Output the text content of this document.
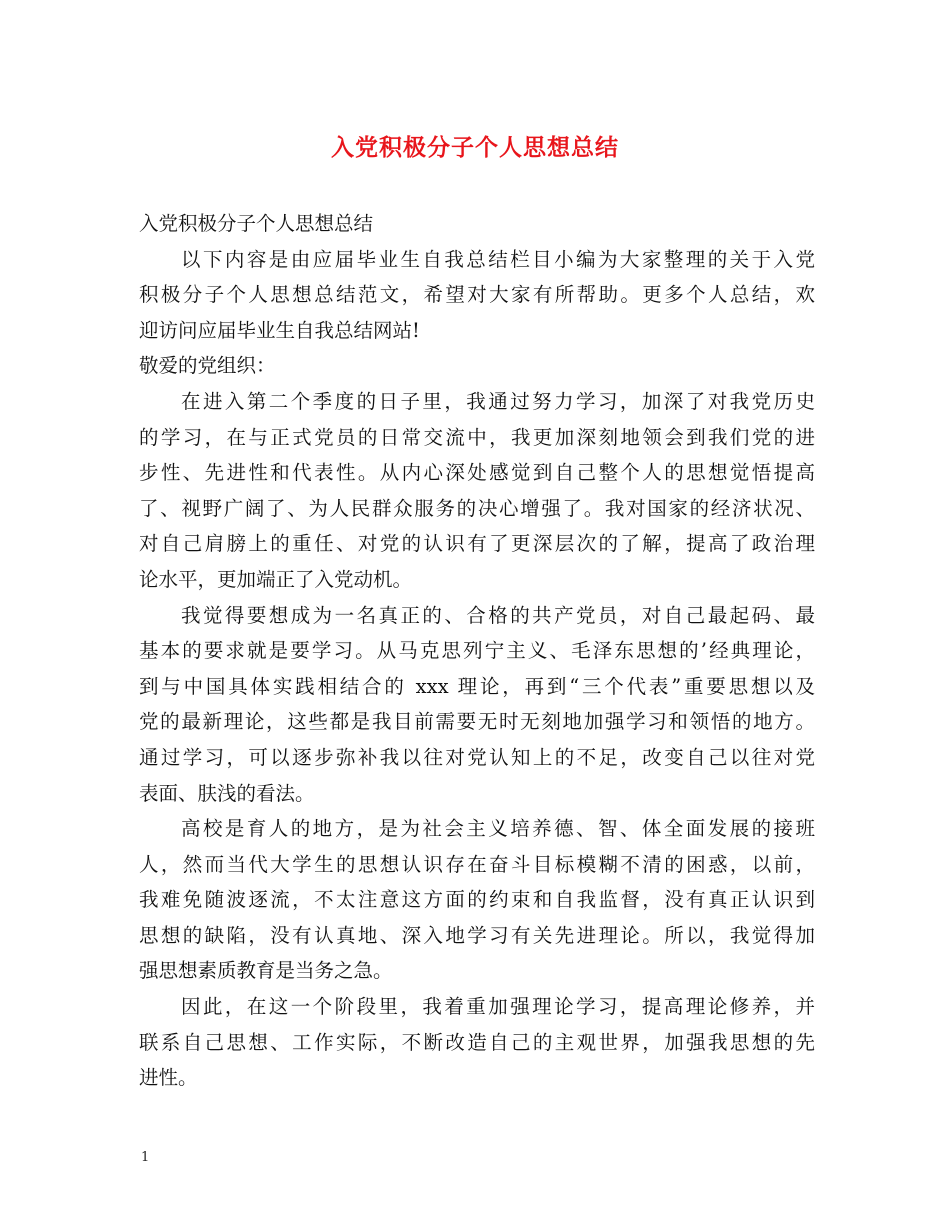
入党积极分子个人思想总结
入党积极分子个人思想总结
以下内容是由应届毕业生自我总结栏目小编为大家整理的关于入党
积极分子个人思想总结范文，希望对大家有所帮助。更多个人总结，欢
迎访问应届毕业生自我总结网站!
敬爱的党组织：
在进入第二个季度的日子里，我通过努力学习，加深了对我党历史
的学习，在与正式党员的日常交流中，我更加深刻地领会到我们党的进
步性、先进性和代表性。从内心深处感觉到自己整个人的思想觉悟提高
了、视野广阔了、为人民群众服务的决心增强了。我对国家的经济状况、
对自己肩膀上的重任、对党的认识有了更深层次的了解，提高了政治理
论水平，更加端正了入党动机。
我觉得要想成为一名真正的、合格的共产党员，对自己最起码、最
基本的要求就是要学习。从马克思列宁主义、毛泽东思想的’经典理论，
到与中国具体实践相结合的 xxx 理论，再到“三个代表”重要思想以及
党的最新理论，这些都是我目前需要无时无刻地加强学习和领悟的地方。
通过学习，可以逐步弥补我以往对党认知上的不足，改变自己以往对党
表面、肤浅的看法。
高校是育人的地方，是为社会主义培养德、智、体全面发展的接班
人，然而当代大学生的思想认识存在奋斗目标模糊不清的困惑，以前，
我难免随波逐流，不太注意这方面的约束和自我监督，没有真正认识到
思想的缺陷，没有认真地、深入地学习有关先进理论。所以，我觉得加
强思想素质教育是当务之急。
因此，在这一个阶段里，我着重加强理论学习，提高理论修养，并
联系自己思想、工作实际，不断改造自己的主观世界，加强我思想的先
进性。
1
